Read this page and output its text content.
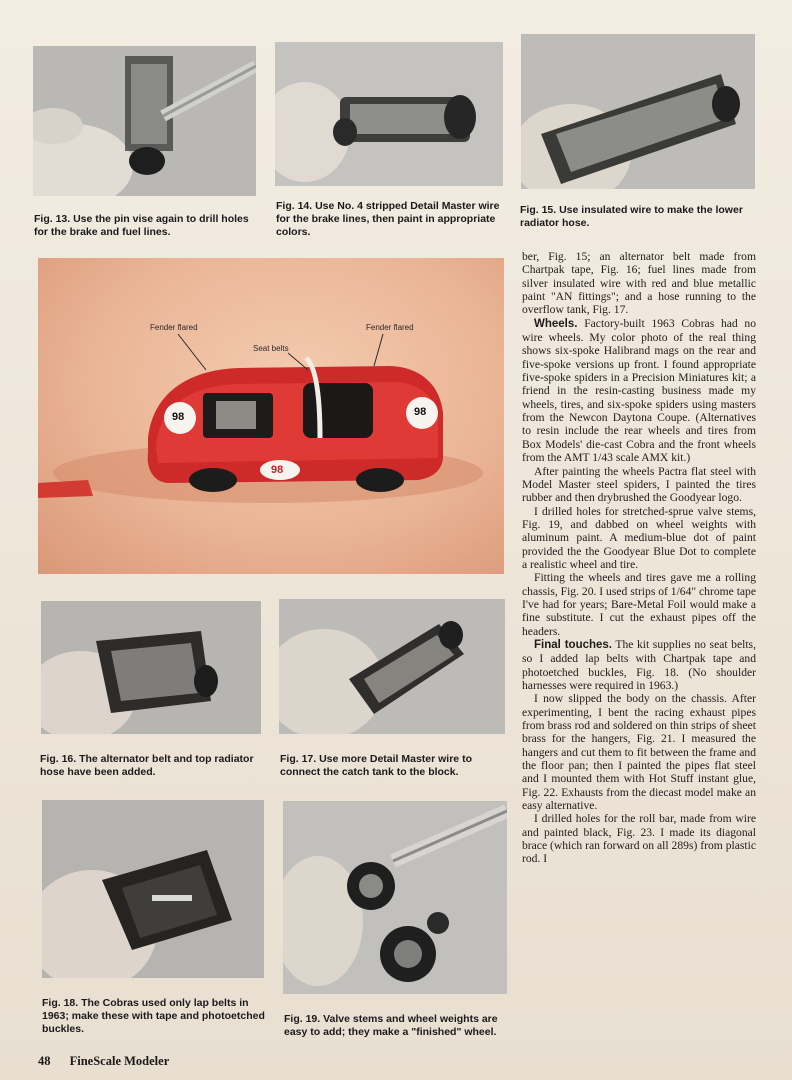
Fig. 13. Use the pin vise again to drill holes for the brake and fuel lines.
Fig. 14. Use No. 4 stripped Detail Master wire for the brake lines, then paint in appropriate colors.
Fig. 15. Use insulated wire to make the lower radiator hose.
Fender flared
Seat belts
Fender flared
98
98	98
Fig. 16. The alternator belt and top radiator hose have been added.
Fig. 17. Use more Detail Master wire to connect the catch tank to the block.
Fig. 18. The Cobras used only lap belts in 1963; make these with tape and photoetched buckles.
Fig. 19. Valve stems and wheel weights are easy to add; they make a "finished" wheel.

ber, Fig. 15; an alternator belt made from Chartpak tape, Fig. 16; fuel lines made from silver insulated wire with red and blue metallic paint "AN fittings"; and a hose running to the overflow tank, Fig. 17.

Wheels. Factory-built 1963 Cobras had no wire wheels. My color photo of the real thing shows six-spoke Halibrand mags on the rear and five-spoke versions up front. I found appropriate five-spoke spiders in a Precision Miniatures kit; a friend in the resin-casting business made my wheels, tires, and six-spoke spiders using masters from the Newcon Daytona Coupe. (Alternatives to resin include the rear wheels and tires from Box Models' die-cast Cobra and the front wheels from the AMT 1/43 scale AMX kit.)

After painting the wheels Pactra flat steel with Model Master steel spiders, I painted the tires rubber and then drybrushed the Goodyear logo.

I drilled holes for stretched-sprue valve stems, Fig. 19, and dabbed on wheel weights with aluminum paint. A medium-blue dot of paint provided the the Goodyear Blue Dot to complete a realistic wheel and tire.

Fitting the wheels and tires gave me a rolling chassis, Fig. 20. I used strips of 1/64" chrome tape I've had for years; Bare-Metal Foil would make a fine substitute. I cut the exhaust pipes off the headers.

Final touches. The kit supplies no seat belts, so I added lap belts with Chartpak tape and photoetched buckles, Fig. 18. (No shoulder harnesses were required in 1963.)

I now slipped the body on the chassis. After experimenting, I bent the racing exhaust pipes from brass rod and soldered on thin strips of sheet brass for the hangers, Fig. 21. I measured the hangers and cut them to fit between the frame and the floor pan; then I painted the pipes flat steel and I mounted them with Hot Stuff instant glue, Fig. 22. Exhausts from the diecast model make an easy alternative.

I drilled holes for the roll bar, made from wire and painted black, Fig. 23. I made its diagonal brace (which ran forward on all 289s) from plastic rod. I

48 FineScale Modeler
